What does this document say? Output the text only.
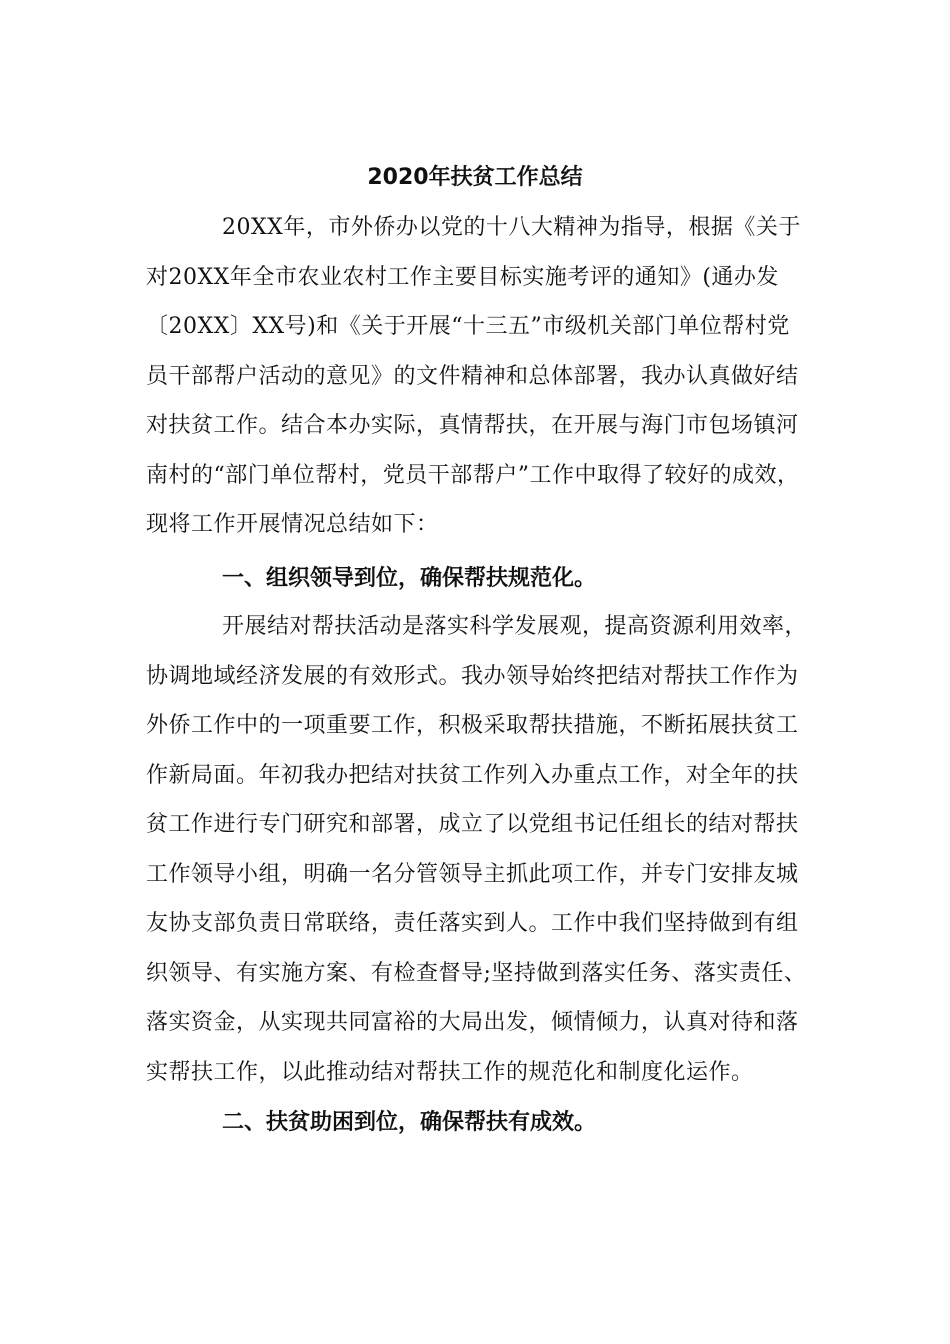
2020年扶贫工作总结
20XX年，市外侨办以党的十八大精神为指导，根据《关于
对20XX年全市农业农村工作主要目标实施考评的通知》(通办发
〔20XX〕XX号)和《关于开展“十三五”市级机关部门单位帮村党
员干部帮户活动的意见》的文件精神和总体部署，我办认真做好结
对扶贫工作。结合本办实际，真情帮扶，在开展与海门市包场镇河
南村的“部门单位帮村，党员干部帮户”工作中取得了较好的成效，
现将工作开展情况总结如下：
一、组织领导到位，确保帮扶规范化。
开展结对帮扶活动是落实科学发展观，提高资源利用效率，
协调地域经济发展的有效形式。我办领导始终把结对帮扶工作作为
外侨工作中的一项重要工作，积极采取帮扶措施，不断拓展扶贫工
作新局面。年初我办把结对扶贫工作列入办重点工作，对全年的扶
贫工作进行专门研究和部署，成立了以党组书记任组长的结对帮扶
工作领导小组，明确一名分管领导主抓此项工作，并专门安排友城
友协支部负责日常联络，责任落实到人。工作中我们坚持做到有组
织领导、有实施方案、有检查督导;坚持做到落实任务、落实责任、
落实资金，从实现共同富裕的大局出发，倾情倾力，认真对待和落
实帮扶工作，以此推动结对帮扶工作的规范化和制度化运作。
二、扶贫助困到位，确保帮扶有成效。
